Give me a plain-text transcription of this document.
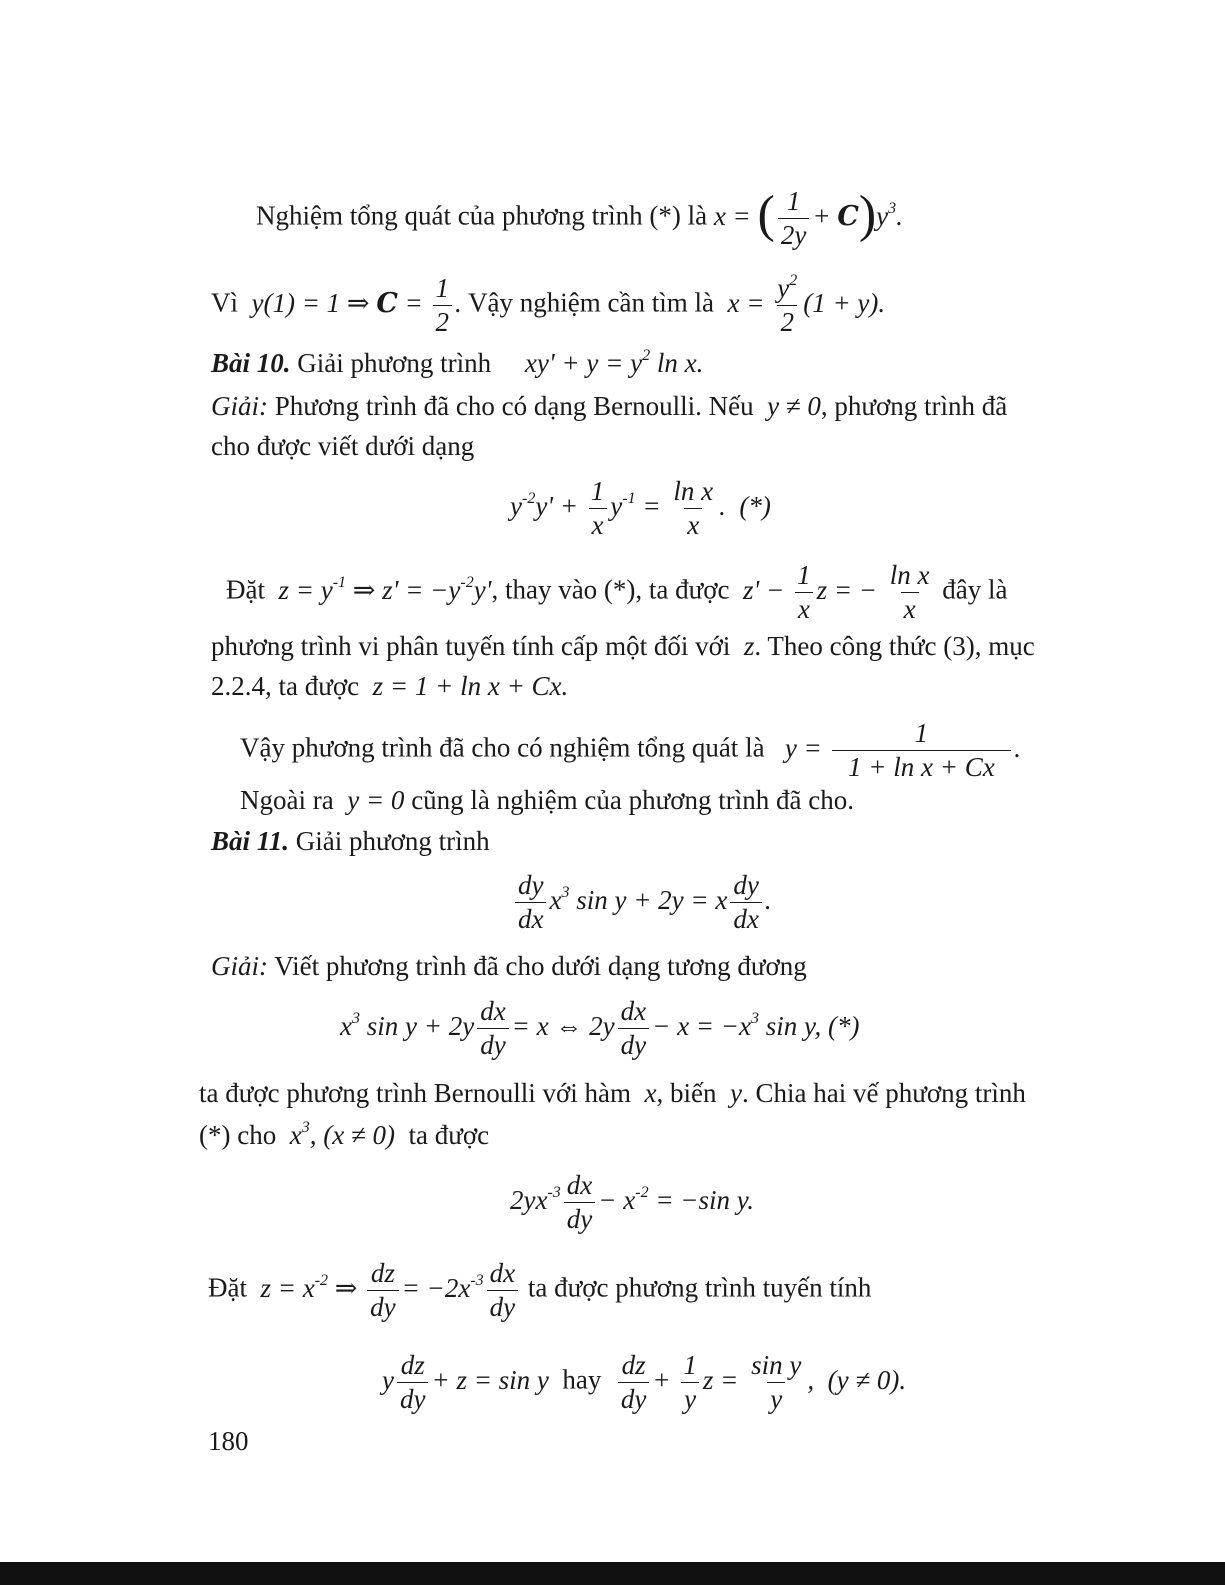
Nghiệm tổng quát của phương trình (*) là x = ( $\frac{1}{2y} + C)y^3$.
Vì  y(1) = 1 ⇒ $C = \frac{1}{2}$ . Vậy nghiệm cần tìm là  $x = \frac{y^2}{2} (1 + y)$.
Bài 10. Giải phương trình     $xy' + y = y^2$ ln x.
Giải: Phương trình đã cho có dạng Bernoulli. Nếu  y ≠ 0, phương trình đã
cho được viết dưới dạng
$y^{-2}y' + \frac{1}{x} y^{-1} = \frac{\text{ln x}}{x}$ .  (*)
Đặt  $z = y^{-1}$ ⇒ $z' = -y^{-2}y'$, thay vào (*), ta được  $z' - \frac{1}{x}$ z = − $\frac{\text{ln x}}{x}$ đây là
phương trình vi phân tuyến tính cấp một đối với  z. Theo công thức (3), mục
2.2.4, ta được  z = 1 + ln x + Cx.
Vậy phương trình đã cho có nghiệm tổng quát là   $y = \frac{1}{\text{1 + ln x + Cx}}$ .
Ngoài ra  y = 0 cũng là nghiệm của phương trình đã cho.
Bài 11. Giải phương trình
$\frac{dy}{dx} x^3$ sin y + 2y = x $\frac{dy}{dx}$ .
Giải: Viết phương trình đã cho dưới dạng tương đương
$x^3$ $\sin y + 2y \frac{dx}{dy} = x$ ⇔ $2y \frac{dx}{dy} - x = -x^3$ sin y, (*)
ta được phương trình Bernoulli với hàm  x, biến  y. Chia hai vế phương trình
(*) cho  $x^3$, (x ≠ 0)  ta được
$2yx^{-3} \frac{dx}{dy} - x^{-2} = -\sin$ y.
Đặt  $z = x^{-2}$ ⇒ $\frac{dz}{dy} = -2x^{-3} \frac{dx}{dy}$ ta được phương trình tuyến tính
y $\frac{dz}{dy} + z = \sin y$  hay $\frac{dz}{dy} + \frac{1}{y}$ $z = \frac{\text{sin y}}{y}$ ,  (y ≠ 0).
180
